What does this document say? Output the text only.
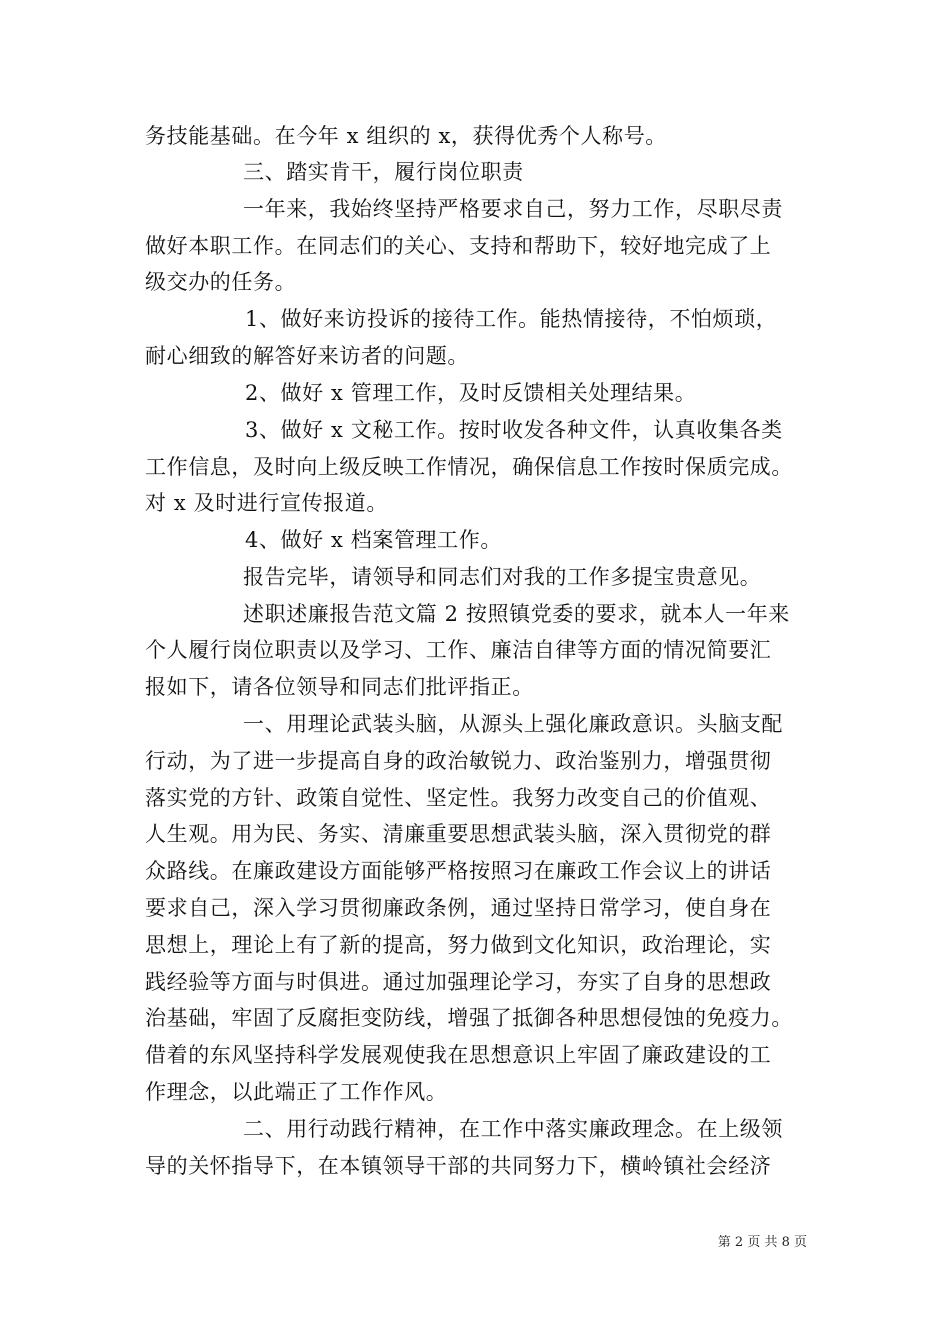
务技能基础。在今年 x 组织的 x，获得优秀个人称号。
三、踏实肯干，履行岗位职责
一年来，我始终坚持严格要求自己，努力工作，尽职尽责
做好本职工作。在同志们的关心、支持和帮助下，较好地完成了上
级交办的任务。
1、做好来访投诉的接待工作。能热情接待，不怕烦琐，
耐心细致的解答好来访者的问题。
2、做好 x 管理工作，及时反馈相关处理结果。
3、做好 x 文秘工作。按时收发各种文件，认真收集各类
工作信息，及时向上级反映工作情况，确保信息工作按时保质完成。
对 x 及时进行宣传报道。
4、做好 x 档案管理工作。
报告完毕，请领导和同志们对我的工作多提宝贵意见。
述职述廉报告范文篇 2 按照镇党委的要求，就本人一年来
个人履行岗位职责以及学习、工作、廉洁自律等方面的情况简要汇
报如下，请各位领导和同志们批评指正。
一、用理论武装头脑，从源头上强化廉政意识。头脑支配
行动，为了进一步提高自身的政治敏锐力、政治鉴别力，增强贯彻
落实党的方针、政策自觉性、坚定性。我努力改变自己的价值观、
人生观。用为民、务实、清廉重要思想武装头脑，深入贯彻党的群
众路线。在廉政建设方面能够严格按照习在廉政工作会议上的讲话
要求自己，深入学习贯彻廉政条例，通过坚持日常学习，使自身在
思想上，理论上有了新的提高，努力做到文化知识，政治理论，实
践经验等方面与时俱进。通过加强理论学习，夯实了自身的思想政
治基础，牢固了反腐拒变防线，增强了抵御各种思想侵蚀的免疫力。
借着的东风坚持科学发展观使我在思想意识上牢固了廉政建设的工
作理念，以此端正了工作作风。
二、用行动践行精神，在工作中落实廉政理念。在上级领
导的关怀指导下，在本镇领导干部的共同努力下，横岭镇社会经济
第 2 页 共 8 页
